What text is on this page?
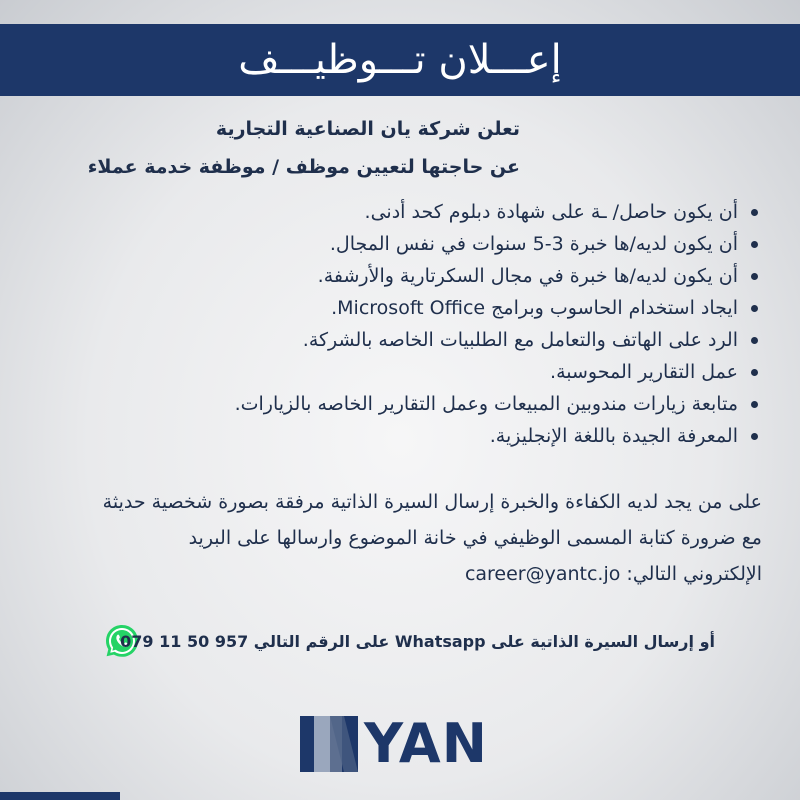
إعـــلان تـــوظيـــف
تعلن شركة يان الصناعية التجارية
عن حاجتها لتعيين موظف / موظفة خدمة عملاء
أن يكون حاصل/ ـة على شهادة دبلوم كحد أدنى.
أن يكون لديه/ها خبرة 3-5 سنوات في نفس المجال.
أن يكون لديه/ها خبرة في مجال السكرتارية والأرشفة.
ايجاد استخدام الحاسوب وبرامج Microsoft Office.
الرد على الهاتف والتعامل مع الطلبيات الخاصه بالشركة.
عمل التقارير المحوسبة.
متابعة زيارات مندوبين المبيعات وعمل التقارير الخاصه بالزيارات.
المعرفة الجيدة باللغة الإنجليزية.
على من يجد لديه الكفاءة والخبرة إرسال السيرة الذاتية مرفقة بصورة شخصية حديثة
مع ضرورة كتابة المسمى الوظيفي في خانة الموضوع وارسالها على البريد
الإلكتروني التالي: career@yantc.jo
أو إرسال السيرة الذاتية على Whatsapp على الرقم التالي 957 50 11 079
YAN
